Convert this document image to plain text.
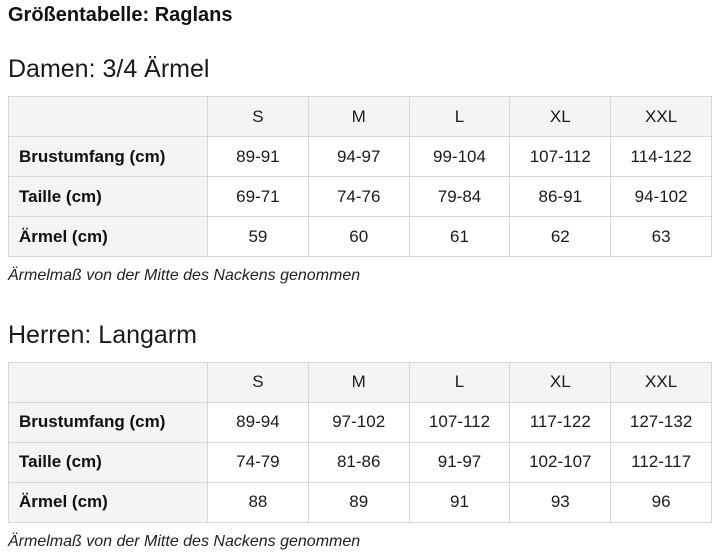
Größentabelle: Raglans
Damen: 3/4 Ärmel
	S	M	L	XL	XXL
Brustumfang (cm)	89-91	94-97	99-104	107-112	114-122
Taille (cm)	69-71	74-76	79-84	86-91	94-102
Ärmel (cm)	59	60	61	62	63

Ärmelmaß von der Mitte des Nackens genommen

Herren: Langarm
	S	M	L	XL	XXL
Brustumfang (cm)	89-94	97-102	107-112	117-122	127-132
Taille (cm)	74-79	81-86	91-97	102-107	112-117
Ärmel (cm)	88	89	91	93	96

Ärmelmaß von der Mitte des Nackens genommen
